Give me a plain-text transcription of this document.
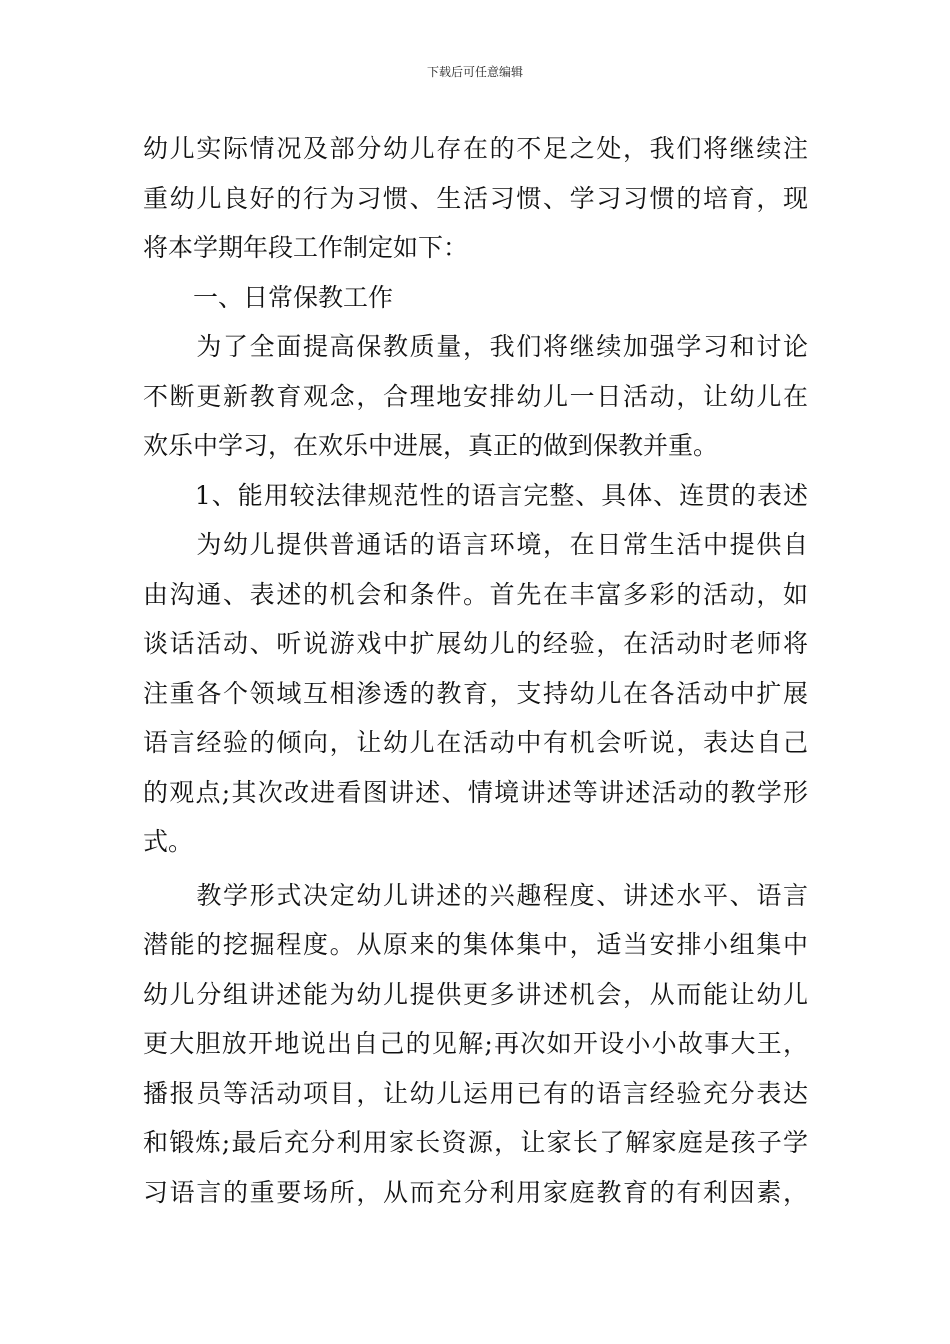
下载后可任意编辑
幼儿实际情况及部分幼儿存在的不足之处，我们将继续注
重幼儿良好的行为习惯、生活习惯、学习习惯的培育，现
将本学期年段工作制定如下：
　　一、日常保教工作
　　为了全面提高保教质量，我们将继续加强学习和讨论
不断更新教育观念，合理地安排幼儿一日活动，让幼儿在
欢乐中学习，在欢乐中进展，真正的做到保教并重。
　　1、能用较法律规范性的语言完整、具体、连贯的表述
　　为幼儿提供普通话的语言环境，在日常生活中提供自
由沟通、表述的机会和条件。首先在丰富多彩的活动，如
谈话活动、听说游戏中扩展幼儿的经验，在活动时老师将
注重各个领域互相渗透的教育，支持幼儿在各活动中扩展
语言经验的倾向，让幼儿在活动中有机会听说，表达自己
的观点;其次改进看图讲述、情境讲述等讲述活动的教学形
式。
　　教学形式决定幼儿讲述的兴趣程度、讲述水平、语言
潜能的挖掘程度。从原来的集体集中，适当安排小组集中
幼儿分组讲述能为幼儿提供更多讲述机会，从而能让幼儿
更大胆放开地说出自己的见解;再次如开设小小故事大王，
播报员等活动项目，让幼儿运用已有的语言经验充分表达
和锻炼;最后充分利用家长资源，让家长了解家庭是孩子学
习语言的重要场所，从而充分利用家庭教育的有利因素，
